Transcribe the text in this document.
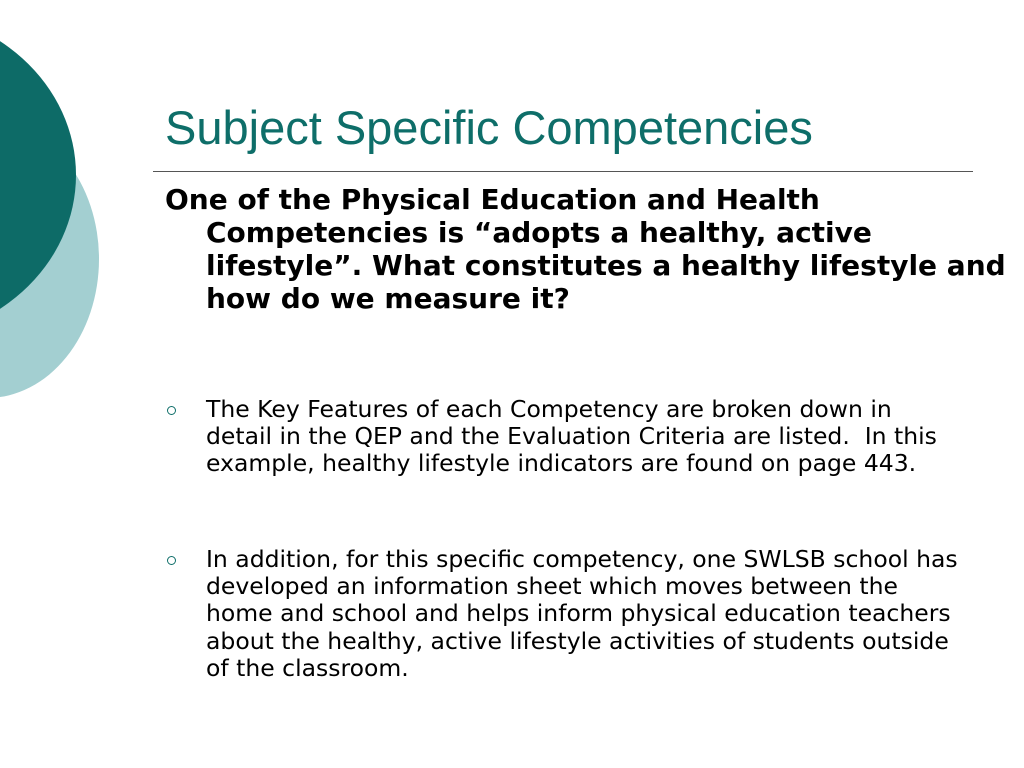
Subject Specific Competencies

One of the Physical Education and Health Competencies is “adopts a healthy, active lifestyle”. What constitutes a healthy lifestyle and how do we measure it?

The Key Features of each Competency are broken down in detail in the QEP and the Evaluation Criteria are listed.  In this example, healthy lifestyle indicators are found on page 443.
In addition, for this specific competency, one SWLSB school has developed an information sheet which moves between the home and school and helps inform physical education teachers about the healthy, active lifestyle activities of students outside of the classroom.
